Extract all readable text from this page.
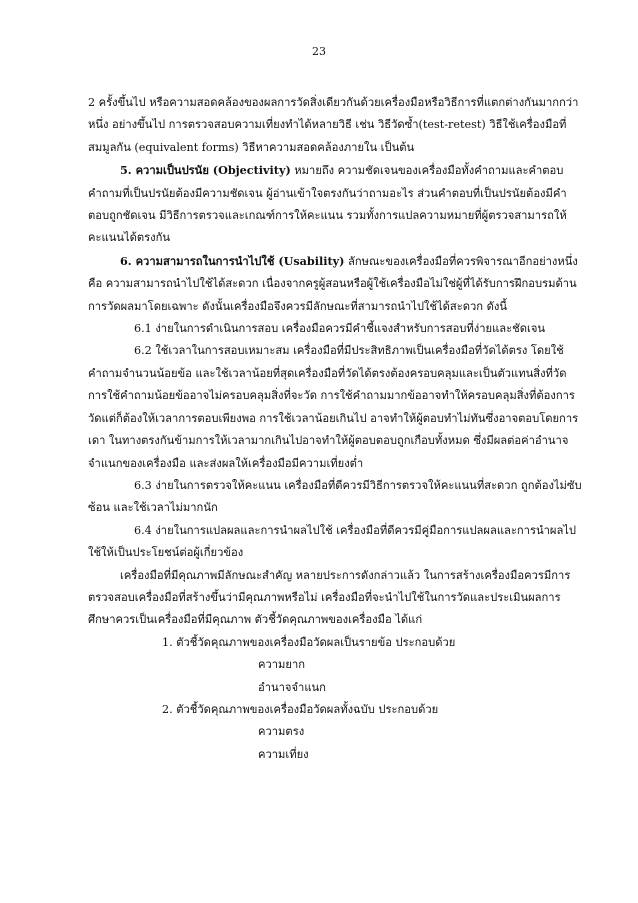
23

2 ครั้งขึ้นไป หรือความสอดคล้องของผลการวัดสิ่งเดียวกันด้วยเครื่องมือหรือวิธีการที่แตกต่างกันมากกว่าหนึ่ง อย่างขึ้นไป การตรวจสอบความเที่ยงทำได้หลายวิธี เช่น วิธีวัดซ้ำ(test-retest) วิธีใช้เครื่องมือที่สมมูลกัน (equivalent forms) วิธีหาความสอดคล้องภายใน เป็นต้น

5. ความเป็นปรนัย (Objectivity) หมายถึง ความชัดเจนของเครื่องมือทั้งคำถามและคำตอบ คำถามที่เป็นปรนัยต้องมีความชัดเจน ผู้อ่านเข้าใจตรงกันว่าถามอะไร ส่วนคำตอบที่เป็นปรนัยต้องมีคำตอบถูกชัดเจน มีวิธีการตรวจและเกณฑ์การให้คะแนน รวมทั้งการแปลความหมายที่ผู้ตรวจสามารถให้คะแนนได้ตรงกัน

6. ความสามารถในการนำไปใช้ (Usability) ลักษณะของเครื่องมือที่ควรพิจารณาอีกอย่างหนึ่ง คือ ความสามารถนำไปใช้ได้สะดวก เนื่องจากครูผู้สอนหรือผู้ใช้เครื่องมือไม่ใช่ผู้ที่ได้รับการฝึกอบรมด้านการวัดผลมาโดยเฉพาะ ดังนั้นเครื่องมือจึงควรมีลักษณะที่สามารถนำไปใช้ได้สะดวก ดังนี้

6.1 ง่ายในการดำเนินการสอบ เครื่องมือควรมีคำชี้แจงสำหรับการสอบที่ง่ายและชัดเจน

6.2 ใช้เวลาในการสอบเหมาะสม เครื่องมือที่มีประสิทธิภาพเป็นเครื่องมือที่วัดได้ตรง โดยใช้คำถามจำนวนน้อยข้อ และใช้เวลาน้อยที่สุดเครื่องมือที่วัดได้ตรงต้องครอบคลุมและเป็นตัวแทนสิ่งที่วัด การใช้คำถามน้อยข้ออาจไม่ครอบคลุมสิ่งที่จะวัด การใช้คำถามมากข้ออาจทำให้ครอบคลุมสิ่งที่ต้องการวัดแต่ก็ต้องให้เวลาการตอบเพียงพอ การใช้เวลาน้อยเกินไป อาจทำให้ผู้ตอบทำไม่ทันซึ่งอาจตอบโดยการเดา ในทางตรงกันข้ามการให้เวลามากเกินไปอาจทำให้ผู้ตอบตอบถูกเกือบทั้งหมด ซึ่งมีผลต่อค่าอำนาจจำแนกของเครื่องมือ และส่งผลให้เครื่องมือมีความเที่ยงต่ำ

6.3 ง่ายในการตรวจให้คะแนน เครื่องมือที่ดีควรมีวิธีการตรวจให้คะแนนที่สะดวก ถูกต้องไม่ซับซ้อน และใช้เวลาไม่มากนัก

6.4 ง่ายในการแปลผลและการนำผลไปใช้ เครื่องมือที่ดีควรมีคู่มือการแปลผลและการนำผลไปใช้ให้เป็นประโยชน์ต่อผู้เกี่ยวข้อง

เครื่องมือที่มีคุณภาพมีลักษณะสำคัญ หลายประการดังกล่าวแล้ว ในการสร้างเครื่องมือควรมีการตรวจสอบเครื่องมือที่สร้างขึ้นว่ามีคุณภาพหรือไม่ เครื่องมือที่จะนำไปใช้ในการวัดและประเมินผลการศึกษาควรเป็นเครื่องมือที่มีคุณภาพ ตัวชี้วัดคุณภาพของเครื่องมือ ได้แก่

1. ตัวชี้วัดคุณภาพของเครื่องมือวัดผลเป็นรายข้อ ประกอบด้วย

ความยาก

อำนาจจำแนก

2. ตัวชี้วัดคุณภาพของเครื่องมือวัดผลทั้งฉบับ ประกอบด้วย

ความตรง

ความเที่ยง
